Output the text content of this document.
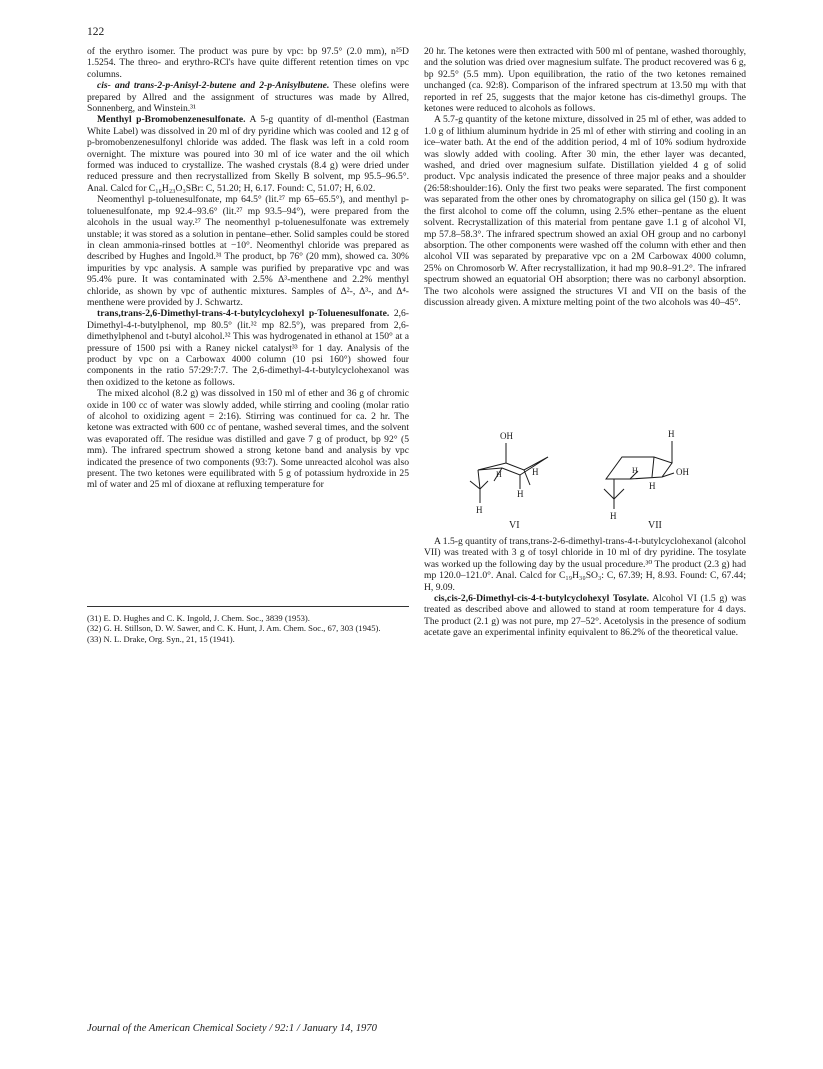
122

of the erythro isomer. The product was pure by vpc: bp 97.5° (2.0 mm), n²⁵D 1.5254. The threo- and erythro-RCl's have quite different retention times on vpc columns.

cis- and trans-2-p-Anisyl-2-butene and 2-p-Anisylbutene. These olefins were prepared by Allred and the assignment of structures was made by Allred, Sonnenberg, and Winstein.³¹

Menthyl p-Bromobenzenesulfonate. A 5-g quantity of dl-menthol (Eastman White Label) was dissolved in 20 ml of dry pyridine which was cooled and 12 g of p-bromobenzenesulfonyl chloride was added. The flask was left in a cold room overnight. The mixture was poured into 30 ml of ice water and the oil which formed was induced to crystallize. The washed crystals (8.4 g) were dried under reduced pressure and then recrystallized from Skelly B solvent, mp 95.5–96.5°. Anal. Calcd for C₁₆H₂₃O₃SBr: C, 51.20; H, 6.17. Found: C, 51.07; H, 6.02.

Neomenthyl p-toluenesulfonate, mp 64.5° (lit.²⁷ mp 65–65.5°), and menthyl p-toluenesulfonate, mp 92.4–93.6° (lit.²⁷ mp 93.5–94°), were prepared from the alcohols in the usual way.²⁷ The neomenthyl p-toluenesulfonate was extremely unstable; it was stored as a solution in pentane–ether. Solid samples could be stored in clean ammonia-rinsed bottles at −10°. Neomenthyl chloride was prepared as described by Hughes and Ingold.³¹ The product, bp 76° (20 mm), showed ca. 30% impurities by vpc analysis. A sample was purified by preparative vpc and was 95.4% pure. It was contaminated with 2.5% Δ³-menthene and 2.2% menthyl chloride, as shown by vpc of authentic mixtures. Samples of Δ²-, Δ³-, and Δ⁴-menthene were provided by J. Schwartz.

trans,trans-2,6-Dimethyl-trans-4-t-butylcyclohexyl p-Toluenesulfonate. 2,6-Dimethyl-4-t-butylphenol, mp 80.5° (lit.³² mp 82.5°), was prepared from 2,6-dimethylphenol and t-butyl alcohol.³² This was hydrogenated in ethanol at 150° at a pressure of 1500 psi with a Raney nickel catalyst³³ for 1 day. Analysis of the product by vpc on a Carbowax 4000 column (10 psi 160°) showed four components in the ratio 57:29:7:7. The 2,6-dimethyl-4-t-butylcyclohexanol was then oxidized to the ketone as follows.

The mixed alcohol (8.2 g) was dissolved in 150 ml of ether and 36 g of chromic oxide in 100 cc of water was slowly added, while stirring and cooling (molar ratio of alcohol to oxidizing agent = 2:16). Stirring was continued for ca. 2 hr. The ketone was extracted with 600 cc of pentane, washed several times, and the solvent was evaporated off. The residue was distilled and gave 7 g of product, bp 92° (5 mm). The infrared spectrum showed a strong ketone band and analysis by vpc indicated the presence of two components (93:7). Some unreacted alcohol was also present. The two ketones were equilibrated with 5 g of potassium hydroxide in 25 ml of water and 25 ml of dioxane at refluxing temperature for

(31) E. D. Hughes and C. K. Ingold, J. Chem. Soc., 3839 (1953).
(32) G. H. Stillson, D. W. Sawer, and C. K. Hunt, J. Am. Chem. Soc., 67, 303 (1945).
(33) N. L. Drake, Org. Syn., 21, 15 (1941).

20 hr. The ketones were then extracted with 500 ml of pentane, washed thoroughly, and the solution was dried over magnesium sulfate. The product recovered was 6 g, bp 92.5° (5.5 mm). Upon equilibration, the ratio of the two ketones remained unchanged (ca. 92:8). Comparison of the infrared spectrum at 13.50 mμ with that reported in ref 25, suggests that the major ketone has cis-dimethyl groups. The ketones were reduced to alcohols as follows.

A 5.7-g quantity of the ketone mixture, dissolved in 25 ml of ether, was added to 1.0 g of lithium aluminum hydride in 25 ml of ether with stirring and cooling in an ice–water bath. At the end of the addition period, 4 ml of 10% sodium hydroxide was slowly added with cooling. After 30 min, the ether layer was decanted, washed, and dried over magnesium sulfate. Distillation yielded 4 g of solid product. Vpc analysis indicated the presence of three major peaks and a shoulder (26:58:shoulder:16). Only the first two peaks were separated. The first component was separated from the other ones by chromatography on silica gel (150 g). It was the first alcohol to come off the column, using 2.5% ether–pentane as the eluent solvent. Recrystallization of this material from pentane gave 1.1 g of alcohol VI, mp 57.8–58.3°. The infrared spectrum showed an axial OH group and no carbonyl absorption. The other components were washed off the column with ether and then alcohol VII was separated by preparative vpc on a 2M Carbowax 4000 column, 25% on Chromosorb W. After recrystallization, it had mp 90.8–91.2°. The infrared spectrum showed an equatorial OH absorption; there was no carbonyl absorption. The two alcohols were assigned the structures VI and VII on the basis of the discussion already given. A mixture melting point of the two alcohols was 40–45°.

OH
H
H
H
H
VI
H
OH
H
H
H
VII

A 1.5-g quantity of trans,trans-2-6-dimethyl-trans-4-t-butylcyclohexanol (alcohol VII) was treated with 3 g of tosyl chloride in 10 ml of dry pyridine. The tosylate was worked up the following day by the usual procedure.³⁰ The product (2.3 g) had mp 120.0–121.0°. Anal. Calcd for C₁₉H₃₀SO₃: C, 67.39; H, 8.93. Found: C, 67.44; H, 9.09.

cis,cis-2,6-Dimethyl-cis-4-t-butylcyclohexyl Tosylate. Alcohol VI (1.5 g) was treated as described above and allowed to stand at room temperature for 4 days. The product (2.1 g) was not pure, mp 27–52°. Acetolysis in the presence of sodium acetate gave an experimental infinity equivalent to 86.2% of the theoretical value.

Journal of the American Chemical Society / 92:1 / January 14, 1970
